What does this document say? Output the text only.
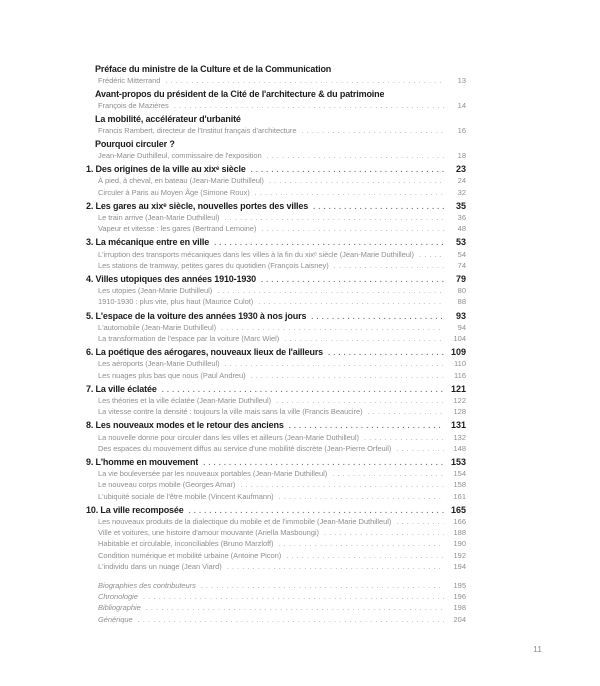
Préface du ministre de la Culture et de la Communication
Frédéric Mitterrand . . .	13
Avant-propos du président de la Cité de l'architecture & du patrimoine
François de Mazières . . .	14
La mobilité, accélérateur d'urbanité
Francis Rambert, directeur de l'Institut français d'architecture . . .	16
Pourquoi circuler ?
Jean-Marie Duthilleul, commissaire de l'exposition . . .	18
1. Des origines de la ville au xixᵉ siècle . . .	23
À pied, à cheval, en bateau (Jean-Marie Duthilleul) . . .	24
Circuler à Paris au Moyen Âge (Simone Roux) . . .	32
2. Les gares au xixᵉ siècle, nouvelles portes des villes . . .	35
Le train arrive (Jean-Marie Duthilleul) . . .	36
Vapeur et vitesse : les gares (Bertrand Lemoine) . . .	48
3. La mécanique entre en ville . . .	53
L'irruption des transports mécaniques dans les villes à la fin du xixᵉ siècle (Jean-Marie Duthilleul) . . .	54
Les stations de tramway, petites gares du quotidien (François Laisney) . . .	74
4. Villes utopiques des années 1910-1930 . . .	79
Les utopies (Jean-Marie Duthilleul) . . .	80
1910-1930 : plus vite, plus haut (Maurice Culot) . . .	88
5. L'espace de la voiture des années 1930 à nos jours . . .	93
L'automobile (Jean-Marie Duthilleul) . . .	94
La transformation de l'espace par la voiture (Marc Wiel) . . .	104
6. La poétique des aérogares, nouveaux lieux de l'ailleurs . . .	109
Les aéroports (Jean-Marie Duthilleul) . . .	110
Les nuages plus bas que nous (Paul Andreu) . . .	116
7. La ville éclatée . . .	121
Les théories et la ville éclatée (Jean-Marie Duthilleul) . . .	122
La vitesse contre la densité : toujours la ville mais sans la ville (Francis Beaucire) . . .	128
8. Les nouveaux modes et le retour des anciens . . .	131
La nouvelle donne pour circuler dans les villes et ailleurs (Jean-Marie Duthilleul) . . .	132
Des espaces du mouvement diffus au service d'une mobilité discrète (Jean-Pierre Orfeuil) . . .	148
9. L'homme en mouvement . . .	153
La vie bouleversée par les nouveaux portables (Jean-Marie Duthilleul) . . .	154
Le nouveau corps mobile (Georges Amar) . . .	158
L'ubiquité sociale de l'être mobile (Vincent Kaufmann) . . .	161
10. La ville recomposée . . .	165
Les nouveaux produits de la dialectique du mobile et de l'immobile (Jean-Marie Duthilleul) . . .	166
Ville et voitures, une histoire d'amour mouvante (Ariella Masboungi) . . .	188
Habitable et circulable, inconciliables (Bruno Marzloff) . . .	190
Condition numérique et mobilité urbaine (Antoine Picon) . . .	192
L'individu dans un nuage (Jean Viard) . . .	194
Biographies des contributeurs . . .	195
Chronologie . . .	196
Bibliographie . . .	198
Générique . . .	204
11
